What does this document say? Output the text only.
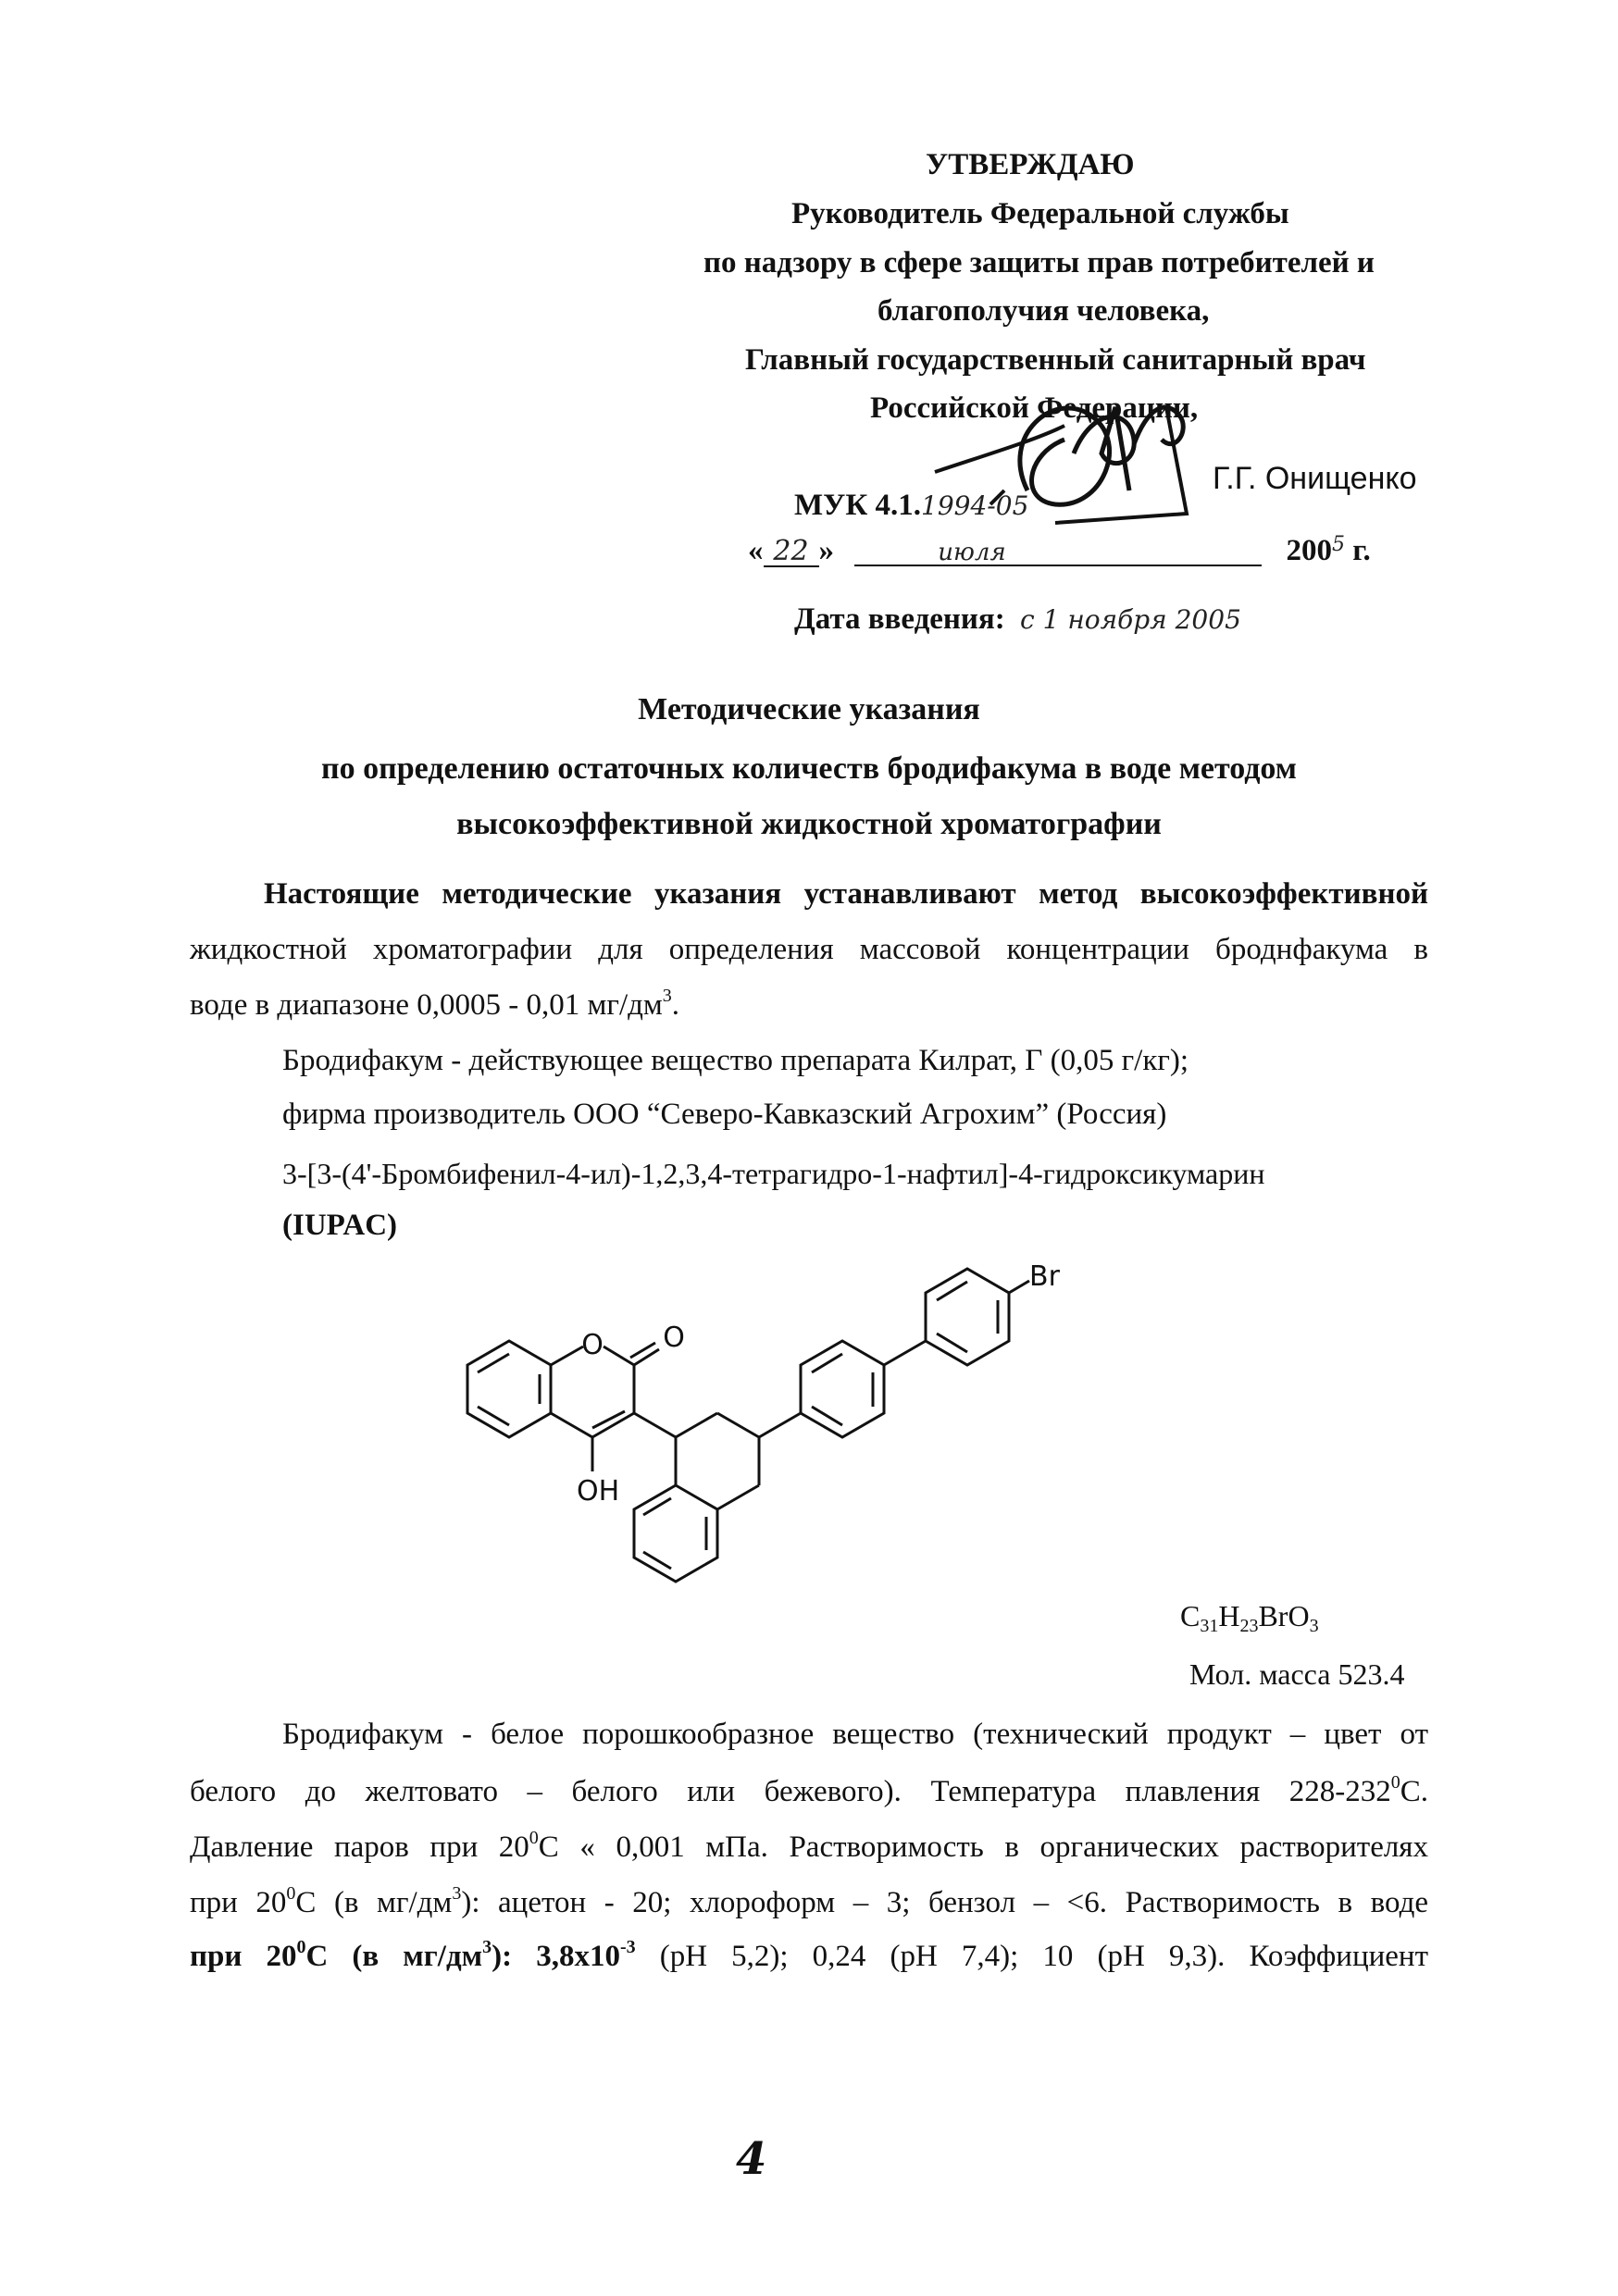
УТВЕРЖДАЮ
Руководитель Федеральной службы
по надзору в сфере защиты прав потребителей и
благополучия человека,
Главный государственный санитарный врач
Российской Федерации,
Г.Г. Онищенко
МУК 4.1.1994-05
« 22 »	июля	$200^5$ г.
Дата введения: с 1 ноября 2005
Методические указания
по определению остаточных количеств бродифакума в воде методом
высокоэффективной жидкостной хроматографии
Настоящие методические указания устанавливают метод высокоэффективной
жидкостной хроматографии для определения массовой концентрации броднфакума в
воде в диапазоне 0,0005 - 0,01 $мг/дм^3$.
Бродифакум - действующее вещество препарата Килрат, Г (0,05 г/кг);
фирма производитель ООО “Северо-Кавказский Агрохим” (Россия)
3-[3-(4'-Бромбифенил-4-ил)-1,2,3,4-тетрагидро-1-нафтил]-4-гидроксикумарин
(IUPAC)
O O
OH
Br
$C_{31}H_{23}BrO_3$
Мол. масса 523.4
Бродифакум - белое порошкообразное вещество (технический продукт – цвет от
белого до желтовато – белого или бежевого). Температура плавления $228-232^0С$.
Давление паров при $20^0С$ « 0,001 мПа. Растворимость в органических растворителях
при $20^0С$ (в $мг/дм^3$): ацетон - 20; хлороформ – 3; бензол – <6. Растворимость в воде
при $20^0С$ (в $мг/дм^3$): $3,8x10^{-3}$ (рН 5,2); 0,24 (рН 7,4); 10 (рН 9,3). Коэффициент
4
